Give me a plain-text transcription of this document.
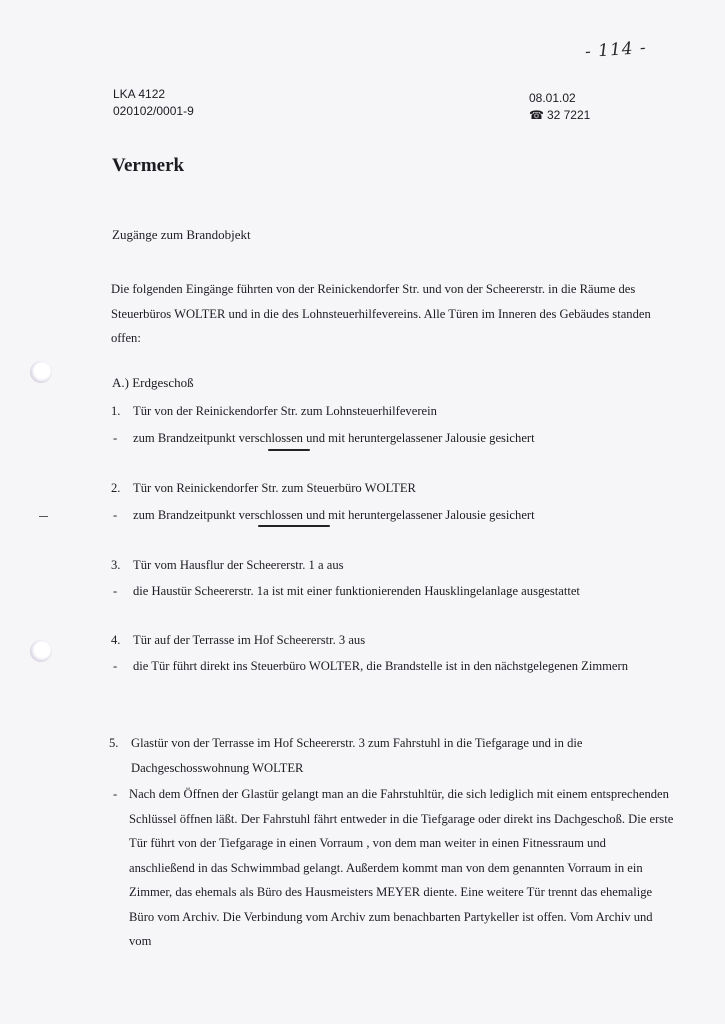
- 114 -
LKA 4122
020102/0001-9
08.01.02
☎ 32 7221
Vermerk
Zugänge zum Brandobjekt
Die folgenden Eingänge führten von der Reinickendorfer Str. und von der Scheererstr. in die Räume des Steuerbüros WOLTER und in die des Lohnsteuerhilfevereins. Alle Türen im Inneren des Gebäudes standen offen:
A.) Erdgeschoß
1. Tür von der Reinickendorfer Str. zum Lohnsteuerhilfeverein
- zum Brandzeitpunkt verschlossen und mit heruntergelassener Jalousie gesichert
2. Tür von Reinickendorfer Str. zum Steuerbüro WOLTER
- zum Brandzeitpunkt verschlossen und mit heruntergelassener Jalousie gesichert
3. Tür vom Hausflur der Scheererstr. 1 a aus
- die Haustür Scheererstr. 1a ist mit einer funktionierenden Hausklingelanlage ausgestattet
4. Tür auf der Terrasse im Hof Scheererstr. 3 aus
- die Tür führt direkt ins Steuerbüro WOLTER, die Brandstelle ist in den nächstgelegenen Zimmern
5. Glastür von der Terrasse im Hof Scheererstr. 3 zum Fahrstuhl in die Tiefgarage und in die Dachgeschosswohnung WOLTER
- Nach dem Öffnen der Glastür gelangt man an die Fahrstuhltür, die sich lediglich mit einem entsprechenden Schlüssel öffnen läßt. Der Fahrstuhl fährt entweder in die Tiefgarage oder direkt ins Dachgeschoß. Die erste Tür führt von der Tiefgarage in einen Vorraum , von dem man weiter in einen Fitnessraum und anschließend in das Schwimmbad gelangt. Außerdem kommt man von dem genannten Vorraum in ein Zimmer, das ehemals als Büro des Hausmeisters MEYER diente. Eine weitere Tür trennt das ehemalige Büro vom Archiv. Die Verbindung vom Archiv zum benachbarten Partykeller ist offen. Vom Archiv und vom
